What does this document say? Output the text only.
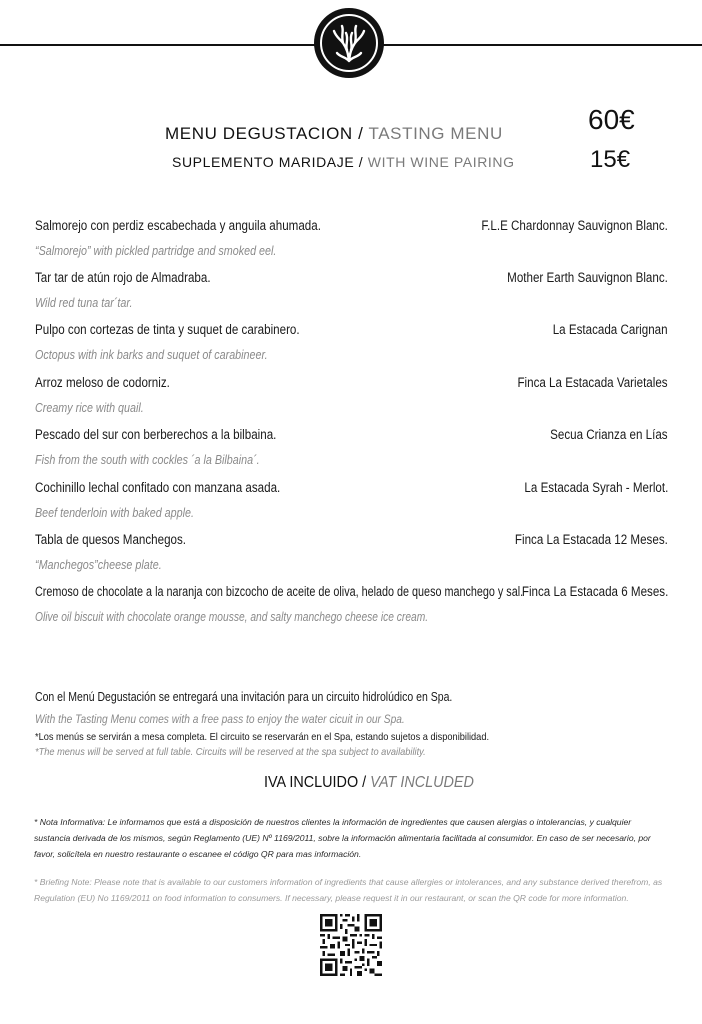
MENU DEGUSTACION / TASTING MENU	60€
SUPLEMENTO MARIDAJE / WITH WINE PAIRING	15€
Salmorejo con perdiz escabechada y anguila ahumada.
“Salmorejo” with pickled partridge and smoked eel.
F.L.E Chardonnay Sauvignon Blanc.
Tar tar de atún rojo de Almadraba.
Wild red tuna tar´tar.
Mother Earth Sauvignon Blanc.
Pulpo con cortezas de tinta y suquet de carabinero.
Octopus with ink barks and suquet of carabineer.
La Estacada Carignan
Arroz meloso de codorniz.
Creamy rice with quail.
Finca La Estacada Varietales
Pescado del sur con berberechos a la bilbaina.
Fish from the south with cockles ´a la Bilbaina´.
Secua Crianza en Lías
Cochinillo lechal confitado con manzana asada.
Beef tenderloin with baked apple.
La Estacada Syrah - Merlot.
Tabla de quesos Manchegos.
“Manchegos”cheese plate.
Finca La Estacada 12 Meses.
Cremoso de chocolate a la naranja con bizcocho de aceite de oliva, helado de queso manchego y sal.
Olive oil biscuit with chocolate orange mousse, and salty manchego cheese ice cream.
Finca La Estacada 6 Meses.
Con el Menú Degustación se entregará una invitación para un circuito hidrolúdico en Spa.
With the Tasting Menu comes with a free pass to enjoy the water cicuit in our Spa.
*Los menús se servirán a mesa completa. El circuito se reservarán en el Spa, estando sujetos a disponibilidad.
*The menus will be served at full table. Circuits will be reserved at the spa subject to availability.
IVA INCLUIDO / VAT INCLUDED
* Nota Informativa: Le informamos que está a disposición de nuestros clientes la información de ingredientes que causen alergias o intolerancias, y cualquier sustancia derivada de los mismos, según Reglamento (UE) Nº 1169/2011, sobre la información alimentaria facilitada al consumidor. En caso de ser necesario, por favor, solicítela en nuestro restaurante o escanee el código QR para mas información.
* Briefing Note: Please note that is available to our customers information of ingredients that cause allergies or intolerances, and any substance derived therefrom, as Regulation (EU) No 1169/2011 on food information to consumers. If necessary, please request it in our restaurant, or scan the QR code for more information.
